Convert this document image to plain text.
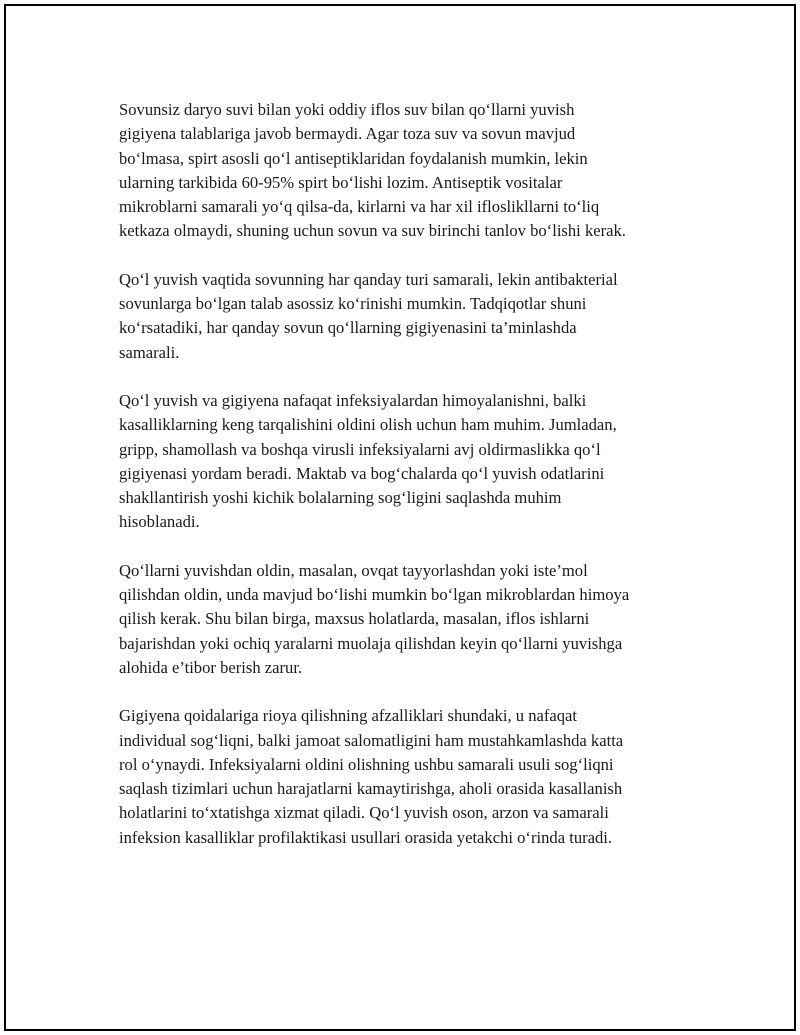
Sovunsiz daryo suvi bilan yoki oddiy iflos suv bilan qo‘llarni yuvish
gigiyena talablariga javob bermaydi. Agar toza suv va sovun mavjud
bo‘lmasa, spirt asosli qo‘l antiseptiklaridan foydalanish mumkin, lekin
ularning tarkibida 60-95% spirt bo‘lishi lozim. Antiseptik vositalar
mikroblarni samarali yo‘q qilsa-da, kirlarni va har xil ifloslikllarni to‘liq
ketkaza olmaydi, shuning uchun sovun va suv birinchi tanlov bo‘lishi kerak.

Qo‘l yuvish vaqtida sovunning har qanday turi samarali, lekin antibakterial
sovunlarga bo‘lgan talab asossiz ko‘rinishi mumkin. Tadqiqotlar shuni
ko‘rsatadiki, har qanday sovun qo‘llarning gigiyenasini ta’minlashda
samarali.

Qo‘l yuvish va gigiyena nafaqat infeksiyalardan himoyalanishni, balki
kasalliklarning keng tarqalishini oldini olish uchun ham muhim. Jumladan,
gripp, shamollash va boshqa virusli infeksiyalarni avj oldirmaslikka qo‘l
gigiyenasi yordam beradi. Maktab va bog‘chalarda qo‘l yuvish odatlarini
shakllantirish yoshi kichik bolalarning sog‘ligini saqlashda muhim
hisoblanadi.

Qo‘llarni yuvishdan oldin, masalan, ovqat tayyorlashdan yoki iste’mol
qilishdan oldin, unda mavjud bo‘lishi mumkin bo‘lgan mikroblardan himoya
qilish kerak. Shu bilan birga, maxsus holatlarda, masalan, iflos ishlarni
bajarishdan yoki ochiq yaralarni muolaja qilishdan keyin qo‘llarni yuvishga
alohida e’tibor berish zarur.

Gigiyena qoidalariga rioya qilishning afzalliklari shundaki, u nafaqat
individual sog‘liqni, balki jamoat salomatligini ham mustahkamlashda katta
rol o‘ynaydi. Infeksiyalarni oldini olishning ushbu samarali usuli sog‘liqni
saqlash tizimlari uchun harajatlarni kamaytirishga, aholi orasida kasallanish
holatlarini to‘xtatishga xizmat qiladi. Qo‘l yuvish oson, arzon va samarali
infeksion kasalliklar profilaktikasi usullari orasida yetakchi o‘rinda turadi.
